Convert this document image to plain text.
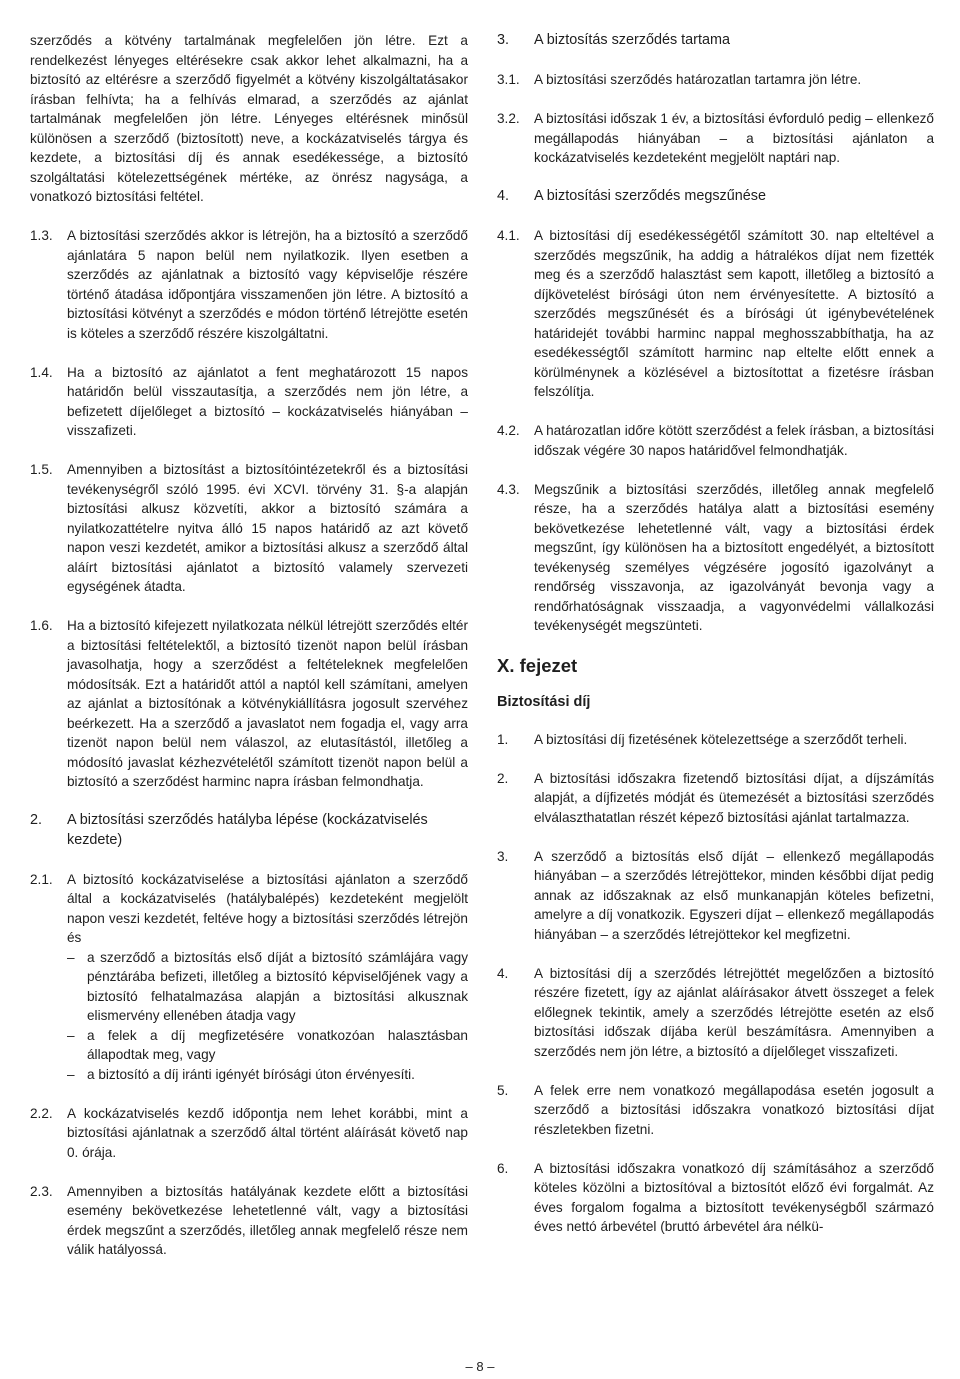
szerződés a kötvény tartalmának megfelelően jön létre. Ezt a rendelkezést lényeges eltérésekre csak akkor lehet alkalmazni, ha a biztosító az eltérésre a szerződő figyelmét a kötvény kiszolgáltatásakor írásban felhívta; ha a felhívás elmarad, a szerződés az ajánlat tartalmának megfelelően jön létre. Lényeges eltérésnek minősül különösen a szerződő (biztosított) neve, a kockázatviselés tárgya és kezdete, a biztosítási díj és annak esedékessége, a biztosító szolgáltatási kötelezettségének mértéke, az önrész nagysága, a vonatkozó biztosítási feltétel.
1.3.	A biztosítási szerződés akkor is létrejön, ha a biztosító a szerződő ajánlatára 5 napon belül nem nyilatkozik. Ilyen esetben a szerződés az ajánlatnak a biztosító vagy képviselője részére történő átadása időpontjára visszamenően jön létre. A biztosító a biztosítási kötvényt a szerződés e módon történő létrejötte esetén is köteles a szerződő részére kiszolgáltatni.
1.4.	Ha a biztosító az ajánlatot a fent meghatározott 15 napos határidőn belül visszautasítja, a szerződés nem jön létre, a befizetett díjelőleget a biztosító – kockázatviselés hiányában – visszafizeti.
1.5.	Amennyiben a biztosítást a biztosítóintézetekről és a biztosítási tevékenységről szóló 1995. évi XCVI. törvény 31. §-a alapján biztosítási alkusz közvetíti, akkor a biztosító számára a nyilatkozattételre nyitva álló 15 napos határidő az azt követő napon veszi kezdetét, amikor a biztosítási alkusz a szerződő által aláírt biztosítási ajánlatot a biztosító valamely szervezeti egységének átadta.
1.6.	Ha a biztosító kifejezett nyilatkozata nélkül létrejött szerződés eltér a biztosítási feltételektől, a biztosító tizenöt napon belül írásban javasolhatja, hogy a szerződést a feltételeknek megfelelően módosítsák. Ezt a határidőt attól a naptól kell számítani, amelyen az ajánlat a biztosítónak a kötvénykiállításra jogosult szervéhez beérkezett. Ha a szerződő a javaslatot nem fogadja el, vagy arra tizenöt napon belül nem válaszol, az elutasítástól, illetőleg a módosító javaslat kézhezvételétől számított tizenöt napon belül a biztosító a szerződést harminc napra írásban felmondhatja.
2.	A biztosítási szerződés hatályba lépése (kockázatviselés kezdete)
2.1.	A biztosító kockázatviselése a biztosítási ajánlaton a szerződő által a kockázatviselés (hatálybalépés) kezdeteként megjelölt napon veszi kezdetét, feltéve hogy a biztosítási szerződés létrejön és
– a szerződő a biztosítás első díját a biztosító számlájára vagy pénztárába befizeti, illetőleg a biztosító képviselőjének vagy a biztosító felhatalmazása alapján a biztosítási alkusznak elismervény ellenében átadja vagy
– a felek a díj megfizetésére vonatkozóan halasztásban állapodtak meg, vagy
– a biztosító a díj iránti igényét bírósági úton érvényesíti.
2.2.	A kockázatviselés kezdő időpontja nem lehet korábbi, mint a biztosítási ajánlatnak a szerződő által történt aláírását követő nap 0. órája.
2.3.	Amennyiben a biztosítás hatályának kezdete előtt a biztosítási esemény bekövetkezése lehetetlenné vált, vagy a biztosítási érdek megszűnt a szerződés, illetőleg annak megfelelő része nem válik hatályossá.
3.	A biztosítás szerződés tartama
3.1.	A biztosítási szerződés határozatlan tartamra jön létre.
3.2.	A biztosítási időszak 1 év, a biztosítási évforduló pedig – ellenkező megállapodás hiányában – a biztosítási ajánlaton a kockázatviselés kezdeteként megjelölt naptári nap.
4.	A biztosítási szerződés megszűnése
4.1.	A biztosítási díj esedékességétől számított 30. nap elteltével a szerződés megszűnik, ha addig a hátralékos díjat nem fizették meg és a szerződő halasztást sem kapott, illetőleg a biztosító a díjkövetelést bírósági úton nem érvényesítette. A biztosító a szerződés megszűnését és a bírósági út igénybevételének határidejét további harminc nappal meghosszabbíthatja, ha az esedékességtől számított harminc nap eltelte előtt ennek a körülménynek a közlésével a biztosítottat a fizetésre írásban felszólítja.
4.2.	A határozatlan időre kötött szerződést a felek írásban, a biztosítási időszak végére 30 napos határidővel felmondhatják.
4.3.	Megszűnik a biztosítási szerződés, illetőleg annak megfelelő része, ha a szerződés hatálya alatt a biztosítási esemény bekövetkezése lehetetlenné vált, vagy a biztosítási érdek megszűnt, így különösen ha a biztosított engedélyét, a biztosított tevékenység személyes végzésére jogosító igazolványt a rendőrség visszavonja, az igazolványát bevonja vagy a rendőrhatóságnak visszaadja, a vagyonvédelmi vállalkozási tevékenységét megszünteti.
X. fejezet
Biztosítási díj
1.	A biztosítási díj fizetésének kötelezettsége a szerződőt terheli.
2.	A biztosítási időszakra fizetendő biztosítási díjat, a díjszámítás alapját, a díjfizetés módját és ütemezését a biztosítási szerződés elválaszthatatlan részét képező biztosítási ajánlat tartalmazza.
3.	A szerződő a biztosítás első díját – ellenkező megállapodás hiányában – a szerződés létrejöttekor, minden későbbi díjat pedig annak az időszaknak az első munkanapján köteles befizetni, amelyre a díj vonatkozik. Egyszeri díjat – ellenkező megállapodás hiányában – a szerződés létrejöttekor kel megfizetni.
4.	A biztosítási díj a szerződés létrejöttét megelőzően a biztosító részére fizetett, így az ajánlat aláírásakor átvett összeget a felek előlegnek tekintik, amely a szerződés létrejötte esetén az első biztosítási időszak díjába kerül beszámításra. Amennyiben a szerződés nem jön létre, a biztosító a díjelőleget visszafizeti.
5.	A felek erre nem vonatkozó megállapodása esetén jogosult a szerződő a biztosítási időszakra vonatkozó biztosítási díjat részletekben fizetni.
6.	A biztosítási időszakra vonatkozó díj számításához a szerződő köteles közölni a biztosítóval a biztosítót előző évi forgalmát. Az éves forgalom fogalma a biztosított tevékenységből származó éves nettó árbevétel (bruttó árbevétel ára nélkü-
– 8 –
